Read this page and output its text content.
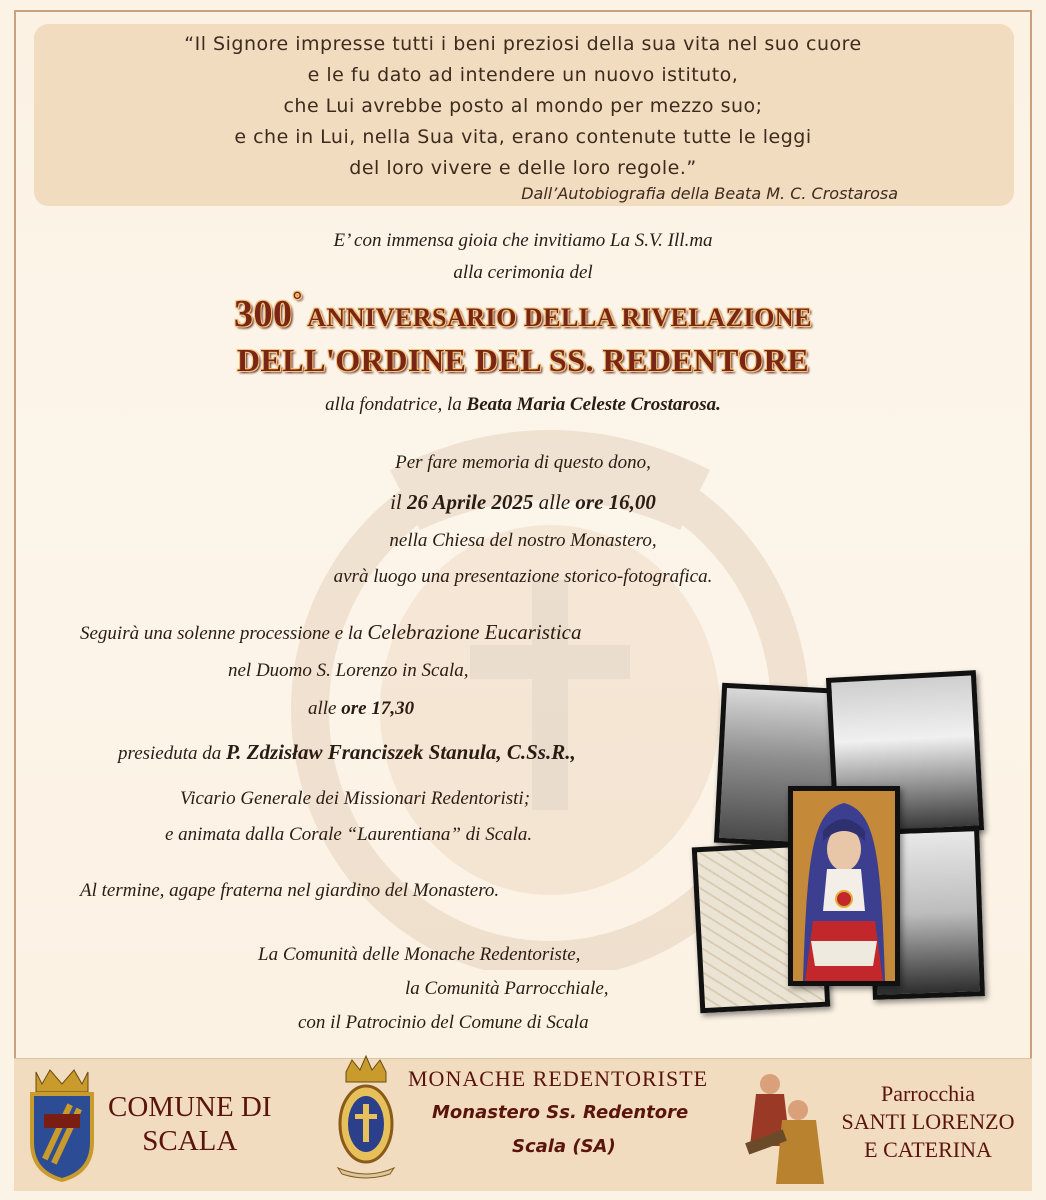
“Il Signore impresse tutti i beni preziosi della sua vita nel suo cuore
e le fu dato ad intendere un nuovo istituto,
che Lui avrebbe posto al mondo per mezzo suo;
e che in Lui, nella Sua vita, erano contenute tutte le leggi
del loro vivere e delle loro regole.”
Dall’Autobiografia della Beata M. C. Crostarosa
E’ con immensa gioia che invitiamo La S.V. Ill.ma
alla cerimonia del
300° ANNIVERSARIO DELLA RIVELAZIONE
DELL'ORDINE DEL SS. REDENTORE
alla fondatrice, la Beata Maria Celeste Crostarosa.
Per fare memoria di questo dono,
il 26 Aprile 2025 alle ore 16,00
nella Chiesa del nostro Monastero,
avrà luogo una presentazione storico-fotografica.
Seguirà una solenne processione e la Celebrazione Eucaristica
nel Duomo S. Lorenzo in Scala,
alle ore 17,30
presieduta da P. Zdzisław Franciszek Stanula, C.Ss.R.,
Vicario Generale dei Missionari Redentoristi;
e animata dalla Corale “Laurentiana” di Scala.
Al termine, agape fraterna nel giardino del Monastero.
La Comunità delle Monache Redentoriste,
la Comunità Parrocchiale,
con il Patrocinio del Comune di Scala
COMUNE DI
SCALA
MONACHE REDENTORISTE
Monastero Ss. Redentore
Scala (SA)
Parrocchia
SANTI LORENZO
E CATERINA
